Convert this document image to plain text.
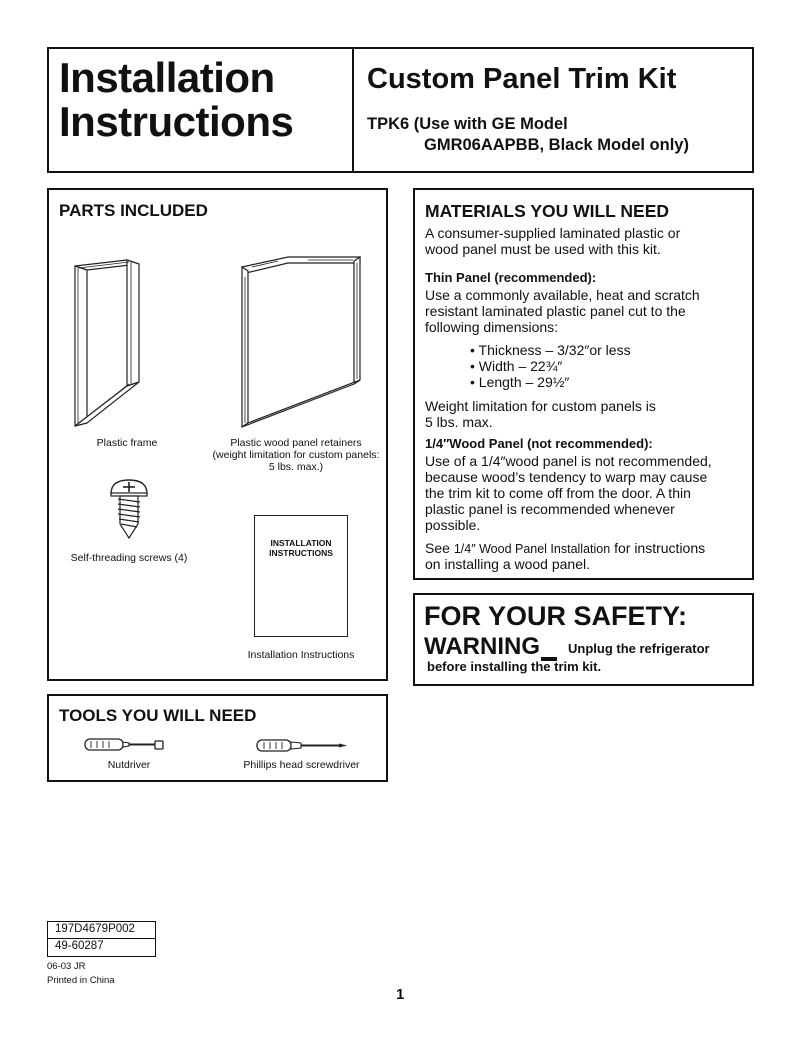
Installation
Instructions
Custom Panel Trim Kit
TPK6 (Use with GE Model
GMR06AAPBB, Black Model only)
PARTS INCLUDED
Plastic frame	Plastic wood panel retainers
(weight limitation for custom panels:
5 lbs. max.)
Self-threading screws (4)
INSTALLATION
INSTRUCTIONS
Installation Instructions
MATERIALS YOU WILL NEED
A consumer-supplied laminated plastic or
wood panel must be used with this kit.
Thin Panel (recommended):
Use a commonly available, heat and scratch
resistant laminated plastic panel cut to the
following dimensions:
• Thickness – 3/32″or less
• Width – 22¾″
• Length – 29½″
Weight limitation for custom panels is
5 lbs. max.
1/4″Wood Panel (not recommended):
Use of a 1/4″wood panel is not recommended,
because wood’s tendency to warp may cause
the trim kit to come off from the door. A thin
plastic panel is recommended whenever
possible.
See 1/4″ Wood Panel Installation for instructions
on installing a wood panel.
FOR YOUR SAFETY:
WARNING Unplug the refrigerator
before installing the trim kit.
TOOLS YOU WILL NEED
Nutdriver	Phillips head screwdriver
197D4679P002
49-60287
06-03 JR
Printed in China
1
